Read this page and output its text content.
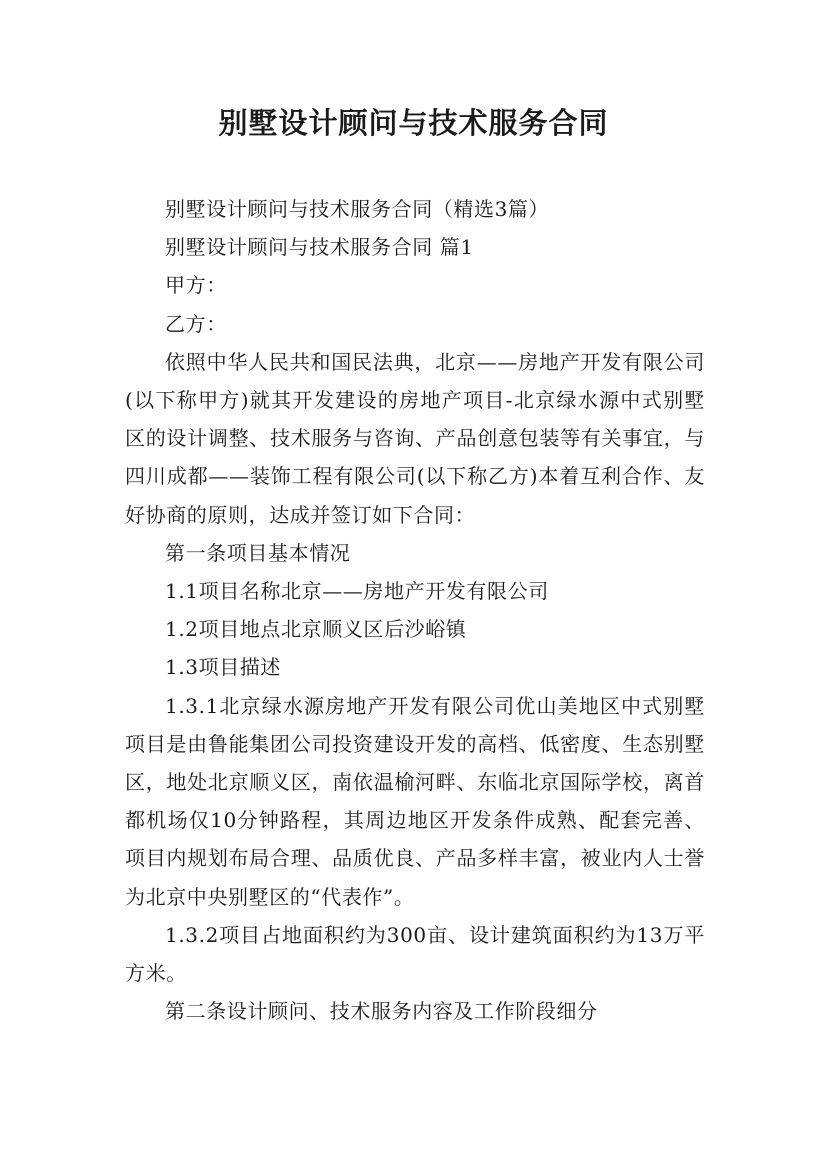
别墅设计顾问与技术服务合同

别墅设计顾问与技术服务合同（精选3篇）

别墅设计顾问与技术服务合同 篇1

甲方：

乙方：

依照中华人民共和国民法典，北京——房地产开发有限公司(以下称甲方)就其开发建设的房地产项目-北京绿水源中式别墅区的设计调整、技术服务与咨询、产品创意包装等有关事宜，与四川成都——装饰工程有限公司(以下称乙方)本着互利合作、友好协商的原则，达成并签订如下合同：

第一条项目基本情况

1.1项目名称北京——房地产开发有限公司

1.2项目地点北京顺义区后沙峪镇

1.3项目描述

1.3.1北京绿水源房地产开发有限公司优山美地区中式别墅项目是由鲁能集团公司投资建设开发的高档、低密度、生态别墅区，地处北京顺义区，南依温榆河畔、东临北京国际学校，离首都机场仅10分钟路程，其周边地区开发条件成熟、配套完善、项目内规划布局合理、品质优良、产品多样丰富，被业内人士誉为北京中央别墅区的“代表作”。

1.3.2项目占地面积约为300亩、设计建筑面积约为13万平方米。

第二条设计顾问、技术服务内容及工作阶段细分
